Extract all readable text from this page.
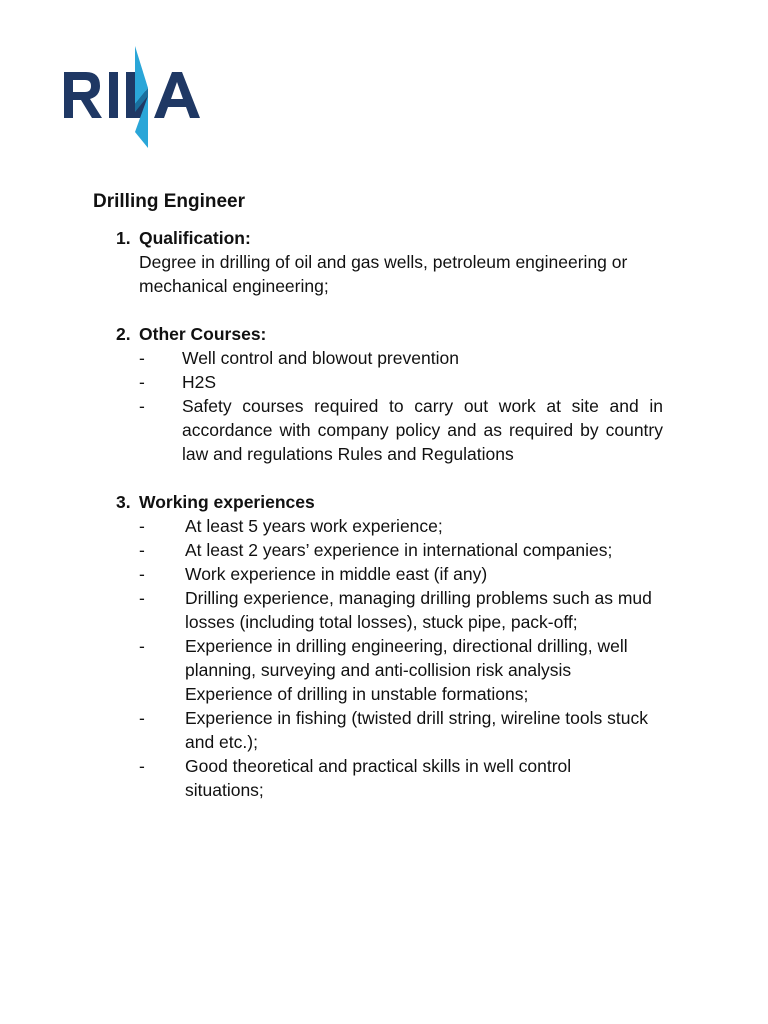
Drilling Engineer
1. Qualification:

Degree in drilling of oil and gas wells, petroleum engineering or mechanical engineering;

2. Other Courses:
- Well control and blowout prevention
- H2S
- Safety courses required to carry out work at site and in accordance with company policy and as required by country law and regulations Rules and Regulations
3. Working experiences
- At least 5 years work experience;
- At least 2 years’ experience in international companies;
- Work experience in middle east (if any)
- Drilling experience, managing drilling problems such as mud losses (including total losses), stuck pipe, pack-off;
- Experience in drilling engineering, directional drilling, well planning, surveying and anti-collision risk analysis Experience of drilling in unstable formations;
- Experience in fishing (twisted drill string, wireline tools stuck and etc.);
- Good theoretical and practical skills in well control situations;
